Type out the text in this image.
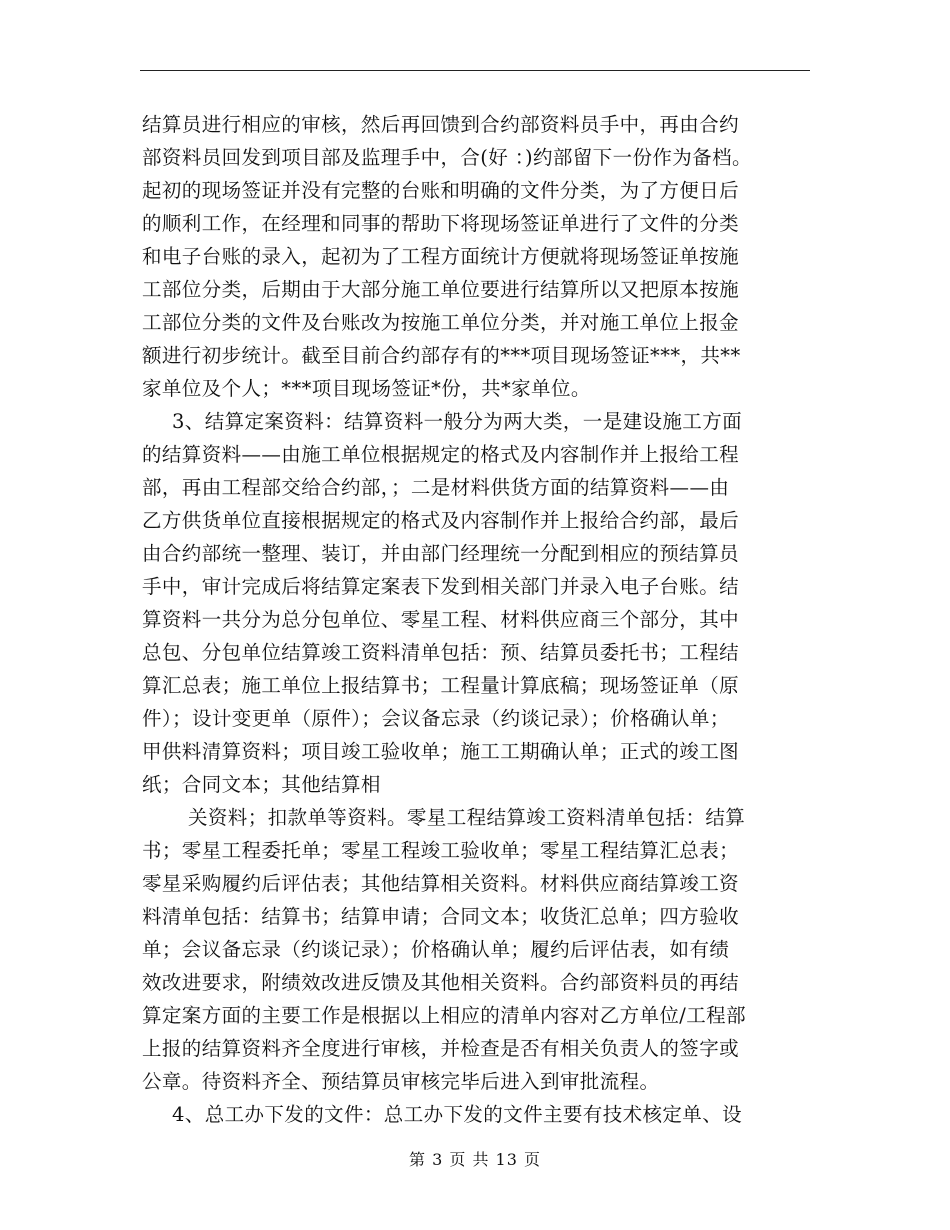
结算员进行相应的审核，然后再回馈到合约部资料员手中，再由合约
部资料员回发到项目部及监理手中，合(好 ：)约部留下一份作为备档。
起初的现场签证并没有完整的台账和明确的文件分类，为了方便日后
的顺利工作，在经理和同事的帮助下将现场签证单进行了文件的分类
和电子台账的录入，起初为了工程方面统计方便就将现场签证单按施
工部位分类，后期由于大部分施工单位要进行结算所以又把原本按施
工部位分类的文件及台账改为按施工单位分类，并对施工单位上报金
额进行初步统计。截至目前合约部存有的***项目现场签证***，共**
家单位及个人；***项目现场签证*份，共*家单位。
3、结算定案资料：结算资料一般分为两大类，一是建设施工方面
的结算资料——由施工单位根据规定的格式及内容制作并上报给工程
部，再由工程部交给合约部，；二是材料供货方面的结算资料——由
乙方供货单位直接根据规定的格式及内容制作并上报给合约部，最后
由合约部统一整理、装订，并由部门经理统一分配到相应的预结算员
手中，审计完成后将结算定案表下发到相关部门并录入电子台账。结
算资料一共分为总分包单位、零星工程、材料供应商三个部分，其中
总包、分包单位结算竣工资料清单包括：预、结算员委托书；工程结
算汇总表；施工单位上报结算书；工程量计算底稿；现场签证单（原
件）；设计变更单（原件）；会议备忘录（约谈记录）；价格确认单；
甲供料清算资料；项目竣工验收单；施工工期确认单；正式的竣工图
纸；合同文本；其他结算相
关资料；扣款单等资料。零星工程结算竣工资料清单包括：结算
书；零星工程委托单；零星工程竣工验收单；零星工程结算汇总表；
零星采购履约后评估表；其他结算相关资料。材料供应商结算竣工资
料清单包括：结算书；结算申请；合同文本；收货汇总单；四方验收
单；会议备忘录（约谈记录）；价格确认单；履约后评估表，如有绩
效改进要求，附绩效改进反馈及其他相关资料。合约部资料员的再结
算定案方面的主要工作是根据以上相应的清单内容对乙方单位/工程部
上报的结算资料齐全度进行审核，并检查是否有相关负责人的签字或
公章。待资料齐全、预结算员审核完毕后进入到审批流程。
4、总工办下发的文件：总工办下发的文件主要有技术核定单、设
第 3 页 共 13 页
